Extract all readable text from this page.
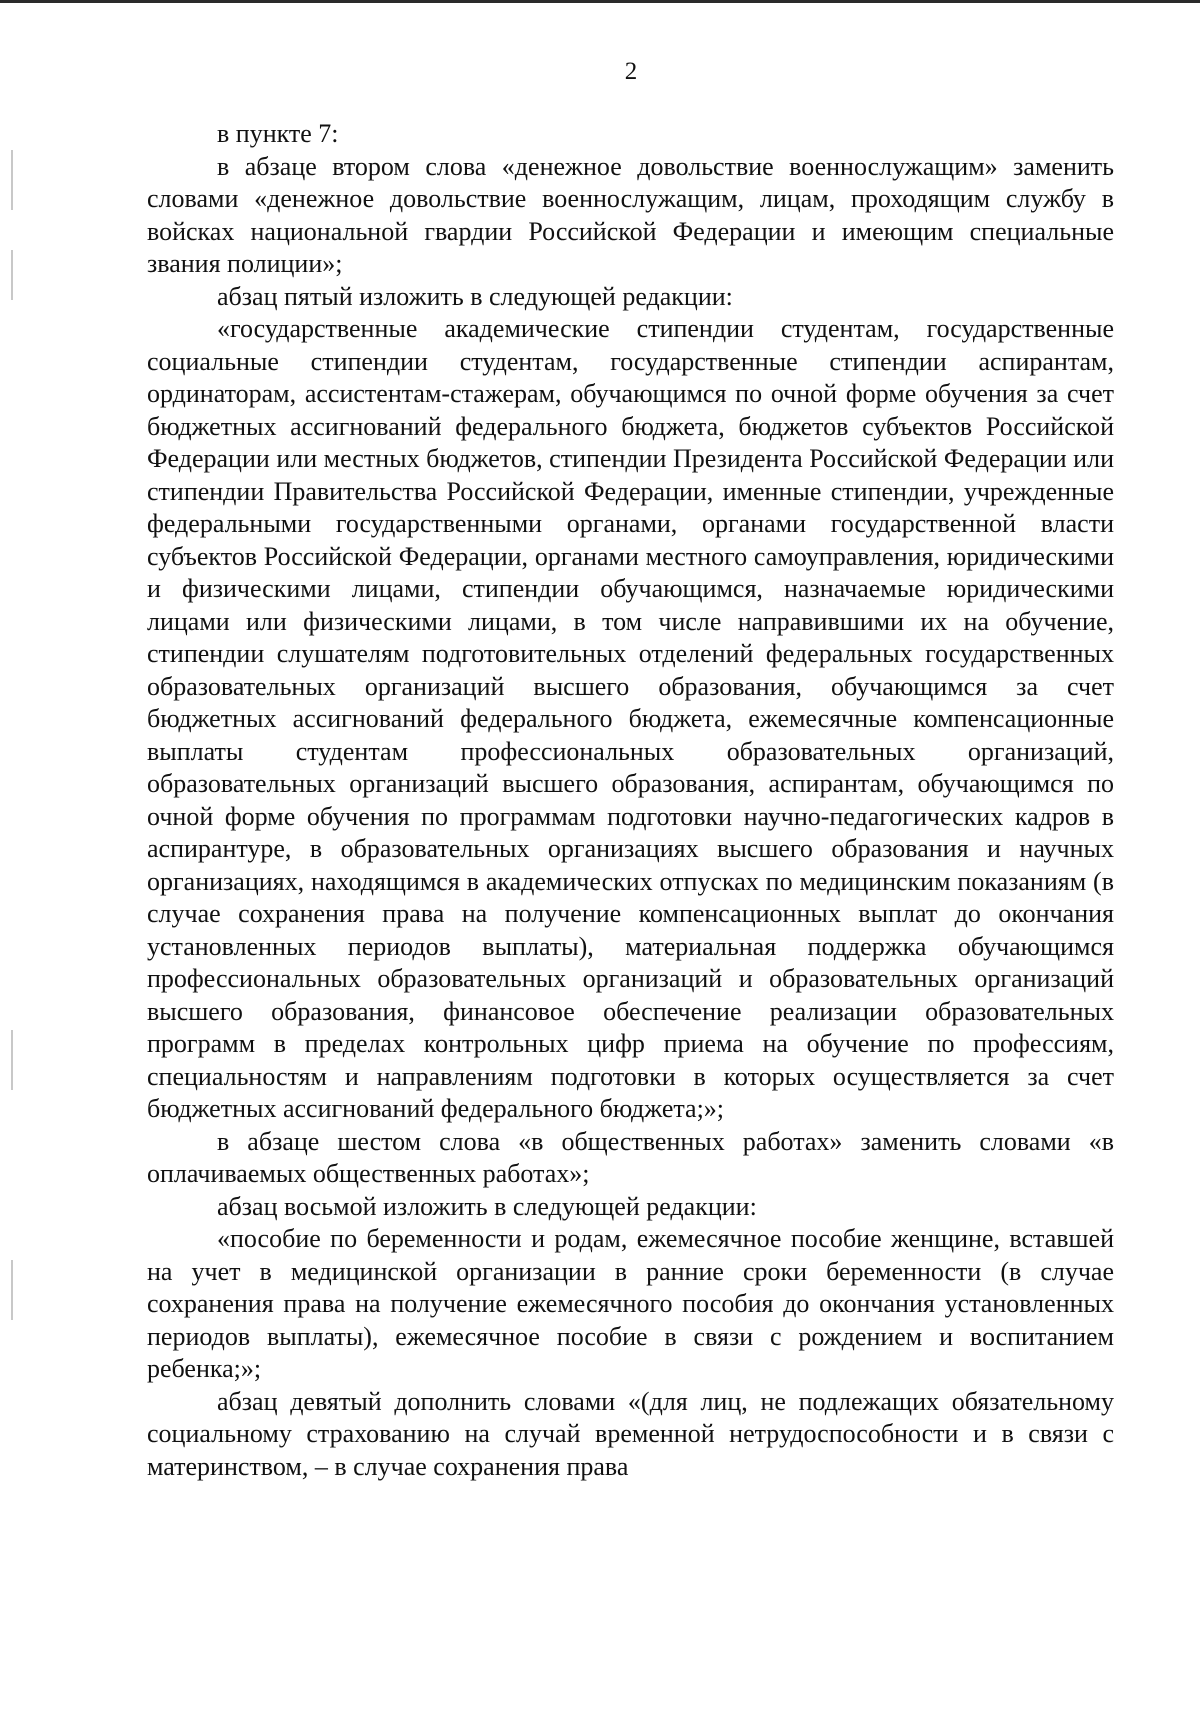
2

в пункте 7:

в абзаце втором слова «денежное довольствие военнослужащим» заменить словами «денежное довольствие военнослужащим, лицам, проходящим службу в войсках национальной гвардии Российской Федерации и имеющим специальные звания полиции»;

абзац пятый изложить в следующей редакции:

«государственные академические стипендии студентам, государственные социальные стипендии студентам, государственные стипендии аспирантам, ординаторам, ассистентам-стажерам, обучающимся по очной форме обучения за счет бюджетных ассигнований федерального бюджета, бюджетов субъектов Российской Федерации или местных бюджетов, стипендии Президента Российской Федерации или стипендии Правительства Российской Федерации, именные стипендии, учрежденные федеральными государственными органами, органами государственной власти субъектов Российской Федерации, органами местного самоуправления, юридическими и физическими лицами, стипендии обучающимся, назначаемые юридическими лицами или физическими лицами, в том числе направившими их на обучение, стипендии слушателям подготовительных отделений федеральных государственных образовательных организаций высшего образования, обучающимся за счет бюджетных ассигнований федерального бюджета, ежемесячные компенсационные выплаты студентам профессиональных образовательных организаций, образовательных организаций высшего образования, аспирантам, обучающимся по очной форме обучения по программам подготовки научно-педагогических кадров в аспирантуре, в образовательных организациях высшего образования и научных организациях, находящимся в академических отпусках по медицинским показаниям (в случае сохранения права на получение компенсационных выплат до окончания установленных периодов выплаты), материальная поддержка обучающимся профессиональных образовательных организаций и образовательных организаций высшего образования, финансовое обеспечение реализации образовательных программ в пределах контрольных цифр приема на обучение по профессиям, специальностям и направлениям подготовки в которых осуществляется за счет бюджетных ассигнований федерального бюджета;»;

в абзаце шестом слова «в общественных работах» заменить словами «в оплачиваемых общественных работах»;

абзац восьмой изложить в следующей редакции:

«пособие по беременности и родам, ежемесячное пособие женщине, вставшей на учет в медицинской организации в ранние сроки беременности (в случае сохранения права на получение ежемесячного пособия до окончания установленных периодов выплаты), ежемесячное пособие в связи с рождением и воспитанием ребенка;»;

абзац девятый дополнить словами «(для лиц, не подлежащих обязательному социальному страхованию на случай временной нетрудоспособности и в связи с материнством, – в случае сохранения права
